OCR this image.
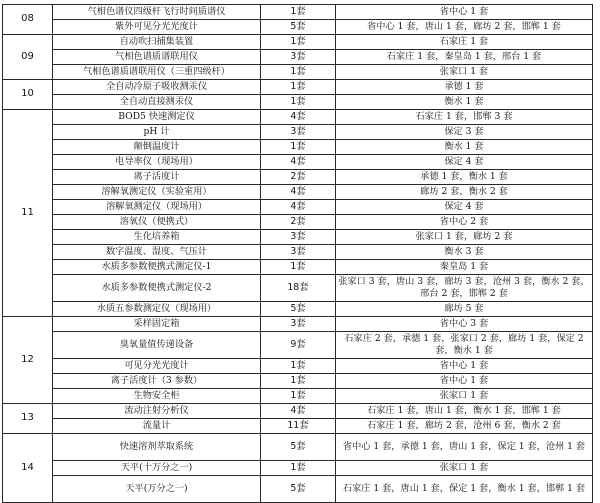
08	气相色谱仪四级杆飞行时间质谱仪	1套	省中心 1 套
	紫外可见分光光度计	5套	省中心 1 套，唐山 1 套，廊坊 2 套，邯郸 1 套
09	自动吹扫捕集装置	1套	石家庄 1 套
	气相色谱质谱联用仪	3套	石家庄 1 套，秦皇岛 1 套，邢台 1 套
	气相色谱质谱联用仪（三重四级杆）	1套	张家口 1 套
10	全自动冷原子吸收测汞仪	1套	承德 1 套
	全自动直接测汞仪	1套	衡水 1 套
11	BOD5 快速测定仪	4套	石家庄 1 套，邯郸 3 套
	pH 计	3套	保定 3 套
	颠倒温度计	1套	衡水 1 套
	电导率仪（现场用）	4套	保定 4 套
	离子活度计	2套	承德 1 套，衡水 1 套
	溶解氧测定仪（实验室用）	4套	廊坊 2 套，衡水 2 套
	溶解氧测定仪（现场用）	4套	保定 4 套
	溶氧仪（便携式）	2套	省中心 2 套
	生化培养箱	3套	张家口 1 套，廊坊 2 套
	数字温度、湿度、气压计	3套	衡水 3 套
	水质多参数便携式测定仪-1	1套	秦皇岛 1 套
	水质多参数便携式测定仪-2	18套	张家口 3 套，唐山 3 套，廊坊 3 套，沧州 3 套，衡水 2 套，邢台 2 套，邯郸 2 套
	水质五参数测定仪（现场用）	5套	廊坊 5 套
12	采样固定箱	3套	省中心 3 套
	臭氧量值传递设备	9套	石家庄 2 套，承德 1 套，张家口 2 套，廊坊 1 套，保定 2 套，衡水 1 套
	可见分光光度计	1套	省中心 1 套
	离子活度计（3 参数）	1套	省中心 1 套
	生物安全柜	1套	张家口 1 套
13	流动注射分析仪	4套	石家庄 1 套，唐山 1 套，衡水 1 套，邯郸 1 套
	流量计	11套	石家庄 1 套，廊坊 2 套，沧州 6 套，衡水 2 套
14	快速溶剂萃取系统	5套	省中心 1 套，承德 1 套，唐山 1 套，保定 1 套，沧州 1 套
	天平(十万分之一)	1套	张家口 1 套
	天平(万分之一)	5套	石家庄 1 套，唐山 1 套，保定 1 套，衡水 1 套，邯郸 1 套
